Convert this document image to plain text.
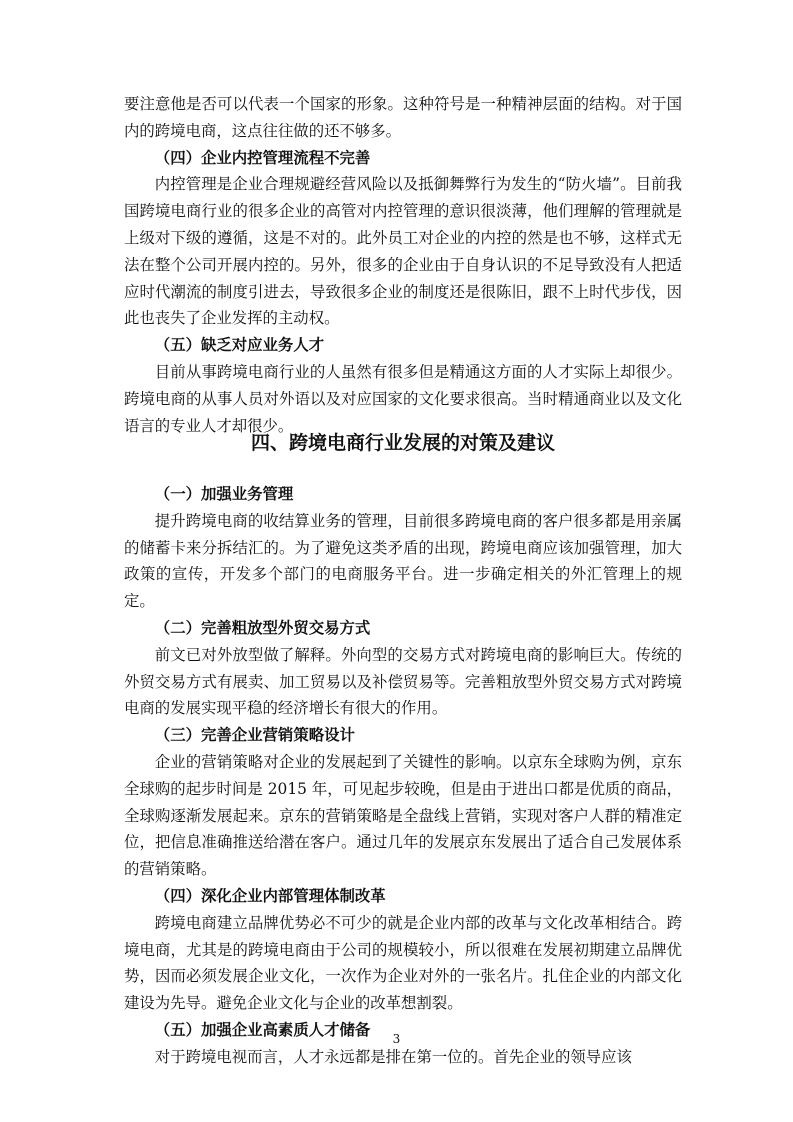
要注意他是否可以代表一个国家的形象。这种符号是一种精神层面的结构。对于国内的跨境电商，这点往往做的还不够多。

（四）企业内控管理流程不完善

内控管理是企业合理规避经营风险以及抵御舞弊行为发生的“防火墙”。目前我国跨境电商行业的很多企业的高管对内控管理的意识很淡薄，他们理解的管理就是上级对下级的遵循，这是不对的。此外员工对企业的内控的然是也不够，这样式无法在整个公司开展内控的。另外，很多的企业由于自身认识的不足导致没有人把适应时代潮流的制度引进去，导致很多企业的制度还是很陈旧，跟不上时代步伐，因此也丧失了企业发挥的主动权。

（五）缺乏对应业务人才

目前从事跨境电商行业的人虽然有很多但是精通这方面的人才实际上却很少。跨境电商的从事人员对外语以及对应国家的文化要求很高。当时精通商业以及文化语言的专业人才却很少。

四、跨境电商行业发展的对策及建议

（一）加强业务管理

提升跨境电商的收结算业务的管理，目前很多跨境电商的客户很多都是用亲属的储蓄卡来分拆结汇的。为了避免这类矛盾的出现，跨境电商应该加强管理，加大政策的宣传，开发多个部门的电商服务平台。进一步确定相关的外汇管理上的规定。

（二）完善粗放型外贸交易方式

前文已对外放型做了解释。外向型的交易方式对跨境电商的影响巨大。传统的外贸交易方式有展卖、加工贸易以及补偿贸易等。完善粗放型外贸交易方式对跨境电商的发展实现平稳的经济增长有很大的作用。

（三）完善企业营销策略设计

企业的营销策略对企业的发展起到了关键性的影响。以京东全球购为例，京东全球购的起步时间是 2015 年，可见起步较晚，但是由于进出口都是优质的商品，全球购逐渐发展起来。京东的营销策略是全盘线上营销，实现对客户人群的精准定位，把信息准确推送给潜在客户。通过几年的发展京东发展出了适合自己发展体系的营销策略。

（四）深化企业内部管理体制改革

跨境电商建立品牌优势必不可少的就是企业内部的改革与文化改革相结合。跨境电商，尤其是的跨境电商由于公司的规模较小，所以很难在发展初期建立品牌优势，因而必须发展企业文化，一次作为企业对外的一张名片。扎住企业的内部文化建设为先导。避免企业文化与企业的改革想割裂。

（五）加强企业高素质人才储备

对于跨境电视而言，人才永远都是排在第一位的。首先企业的领导应该

3
